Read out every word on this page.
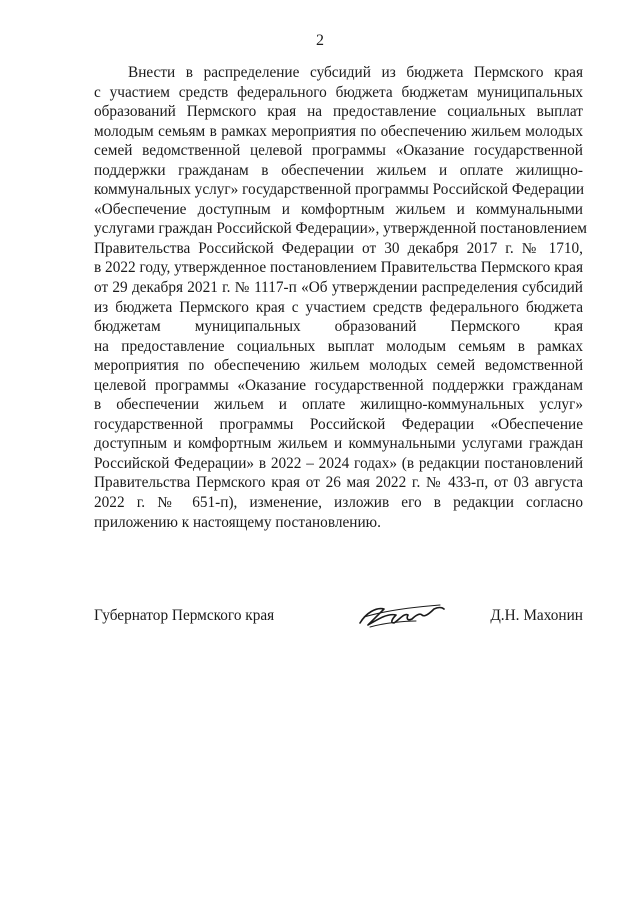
2
Внести в распределение субсидий из бюджета Пермского края
с участием средств федерального бюджета бюджетам муниципальных
образований Пермского края на предоставление социальных выплат
молодым семьям в рамках мероприятия по обеспечению жильем молодых
семей ведомственной целевой программы «Оказание государственной
поддержки гражданам в обеспечении жильем и оплате жилищно-
коммунальных услуг» государственной программы Российской Федерации
«Обеспечение доступным и комфортным жильем и коммунальными
услугами граждан Российской Федерации», утвержденной постановлением
Правительства Российской Федерации от 30 декабря 2017 г. № 1710,
в 2022 году, утвержденное постановлением Правительства Пермского края
от 29 декабря 2021 г. № 1117-п «Об утверждении распределения субсидий
из бюджета Пермского края с участием средств федерального бюджета
бюджетам муниципальных образований Пермского края
на предоставление социальных выплат молодым семьям в рамках
мероприятия по обеспечению жильем молодых семей ведомственной
целевой программы «Оказание государственной поддержки гражданам
в обеспечении жильем и оплате жилищно-коммунальных услуг»
государственной программы Российской Федерации «Обеспечение
доступным и комфортным жильем и коммунальными услугами граждан
Российской Федерации» в 2022 – 2024 годах» (в редакции постановлений
Правительства Пермского края от 26 мая 2022 г. № 433-п, от 03 августа
2022 г. № 651-п), изменение, изложив его в редакции согласно
приложению к настоящему постановлению.
Губернатор Пермского края	Д.Н. Махонин
